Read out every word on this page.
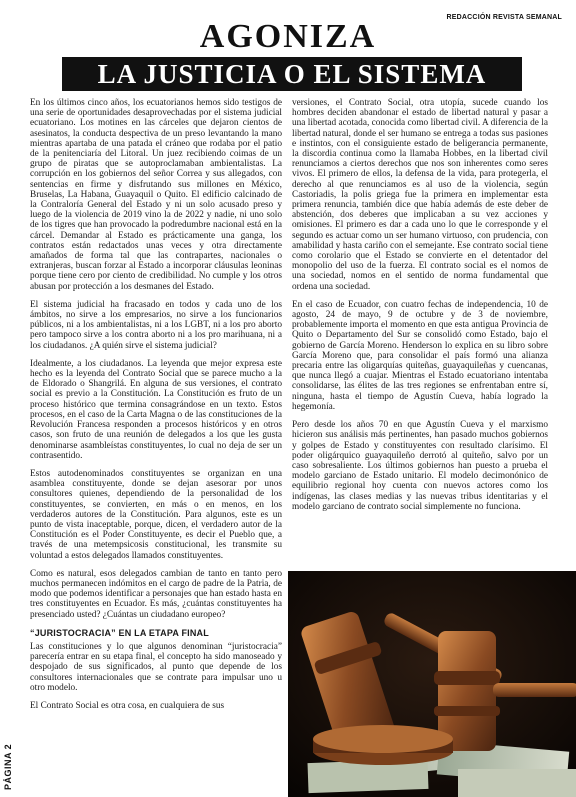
REDACCIÓN REVISTA SEMANAL
AGONIZA
LA JUSTICIA O EL SISTEMA

En los últimos cinco años, los ecuatorianos hemos sido testigos de una serie de oportunidades desaprovechadas por el sistema judicial ecuatoriano. Los motines en las cárceles que dejaron cientos de asesinatos, la conducta despectiva de un preso levantando la mano mientras apartaba de una patada el cráneo que rodaba por el patio de la penitenciaría del Litoral. Un juez recibiendo coimas de un grupo de piratas que se autoproclamaban ambientalistas. La corrupción en los gobiernos del señor Correa y sus allegados, con sentencias en firme y disfrutando sus millones en México, Bruselas, La Habana, Guayaquil o Quito. El edificio calcinado de la Contraloría General del Estado y ni un solo acusado preso y luego de la violencia de 2019 vino la de 2022 y nadie, ni uno solo de los tigres que han provocado la podredumbre nacional está en la cárcel. Demandar al Estado es prácticamente una ganga, los contratos están redactados unas veces y otra directamente amañados de forma tal que las contrapartes, nacionales o extranjeras, buscan forzar al Estado a incorporar cláusulas leoninas porque tiene cero por ciento de credibilidad. No cumple y los otros abusan por protección a los desmanes del Estado.

El sistema judicial ha fracasado en todos y cada uno de los ámbitos, no sirve a los empresarios, no sirve a los funcionarios públicos, ni a los ambientalistas, ni a los LGBT, ni a los pro aborto pero tampoco sirve a los contra aborto ni a los pro marihuana, ni a los ciudadanos. ¿A quién sirve el sistema judicial?

Idealmente, a los ciudadanos. La leyenda que mejor expresa este hecho es la leyenda del Contrato Social que se parece mucho a la de Eldorado o Shangrilá. En alguna de sus versiones, el contrato social es previo a la Constitución. La Constitución es fruto de un proceso histórico que termina consagrándose en un texto. Estos procesos, en el caso de la Carta Magna o de las constituciones de la Revolución Francesa responden a procesos históricos y en otros casos, son fruto de una reunión de delegados a los que les gusta denominarse asambleístas constituyentes, lo cual no deja de ser un contrasentido.

Estos autodenominados constituyentes se organizan en una asamblea constituyente, donde se dejan asesorar por unos consultores quienes, dependiendo de la personalidad de los constituyentes, se convierten, en más o en menos, en los verdaderos autores de la Constitución. Para algunos, este es un punto de vista inaceptable, porque, dicen, el verdadero autor de la Constitución es el Poder Constituyente, es decir el Pueblo que, a través de una metempsicosis constitucional, les transmite su voluntad a estos delegados llamados constituyentes.

Como es natural, esos delegados cambian de tanto en tanto pero muchos permanecen indómitos en el cargo de padre de la Patria, de modo que podemos identificar a personajes que han estado hasta en tres constituyentes en Ecuador. Es más, ¿cuántas constituyentes ha presenciado usted? ¿Cuántas un ciudadano europeo?

“JURISTOCRACIA” EN LA ETAPA FINAL

Las constituciones y lo que algunos denominan “juristocracia” parecería entrar en su etapa final, el concepto ha sido manoseado y despojado de sus significados, al punto que depende de los consultores internacionales que se contrate para impulsar uno u otro modelo.

El Contrato Social es otra cosa, en cualquiera de sus

versiones, el Contrato Social, otra utopía, sucede cuando los hombres deciden abandonar el estado de libertad natural y pasar a una libertad acotada, conocida como libertad civil. A diferencia de la libertad natural, donde el ser humano se entrega a todas sus pasiones e instintos, con el consiguiente estado de beligerancia permanente, la discordia continua como la llamaba Hobbes, en la libertad civil renunciamos a ciertos derechos que nos son inherentes como seres vivos. El primero de ellos, la defensa de la vida, para protegerla, el derecho al que renunciamos es al uso de la violencia, según Castoriadis, la polis griega fue la primera en implementar esta primera renuncia, también dice que había además de este deber de abstención, dos deberes que implicaban a su vez acciones y omisiones. El primero es dar a cada uno lo que le corresponde y el segundo es actuar como un ser humano virtuoso, con prudencia, con amabilidad y hasta cariño con el semejante. Ese contrato social tiene como corolario que el Estado se convierte en el detentador del monopolio del uso de la fuerza. El contrato social es el nomos de una sociedad, nomos en el sentido de norma fundamental que ordena una sociedad.

En el caso de Ecuador, con cuatro fechas de independencia, 10 de agosto, 24 de mayo, 9 de octubre y de 3 de noviembre, probablemente importa el momento en que esta antigua Provincia de Quito o Departamento del Sur se consolidó como Estado, bajo el gobierno de García Moreno. Henderson lo explica en su libro sobre García Moreno que, para consolidar el país formó una alianza precaria entre las oligarquías quiteñas, guayaquileñas y cuencanas, que nunca llegó a cuajar. Mientras el Estado ecuatoriano intentaba consolidarse, las élites de las tres regiones se enfrentaban entre sí, ninguna, hasta el tiempo de Agustín Cueva, había logrado la hegemonía.

Pero desde los años 70 en que Agustín Cueva y el marxismo hicieron sus análisis más pertinentes, han pasado muchos gobiernos y golpes de Estado y constituyentes con resultado clarísimo. El poder oligárquico guayaquileño derrotó al quiteño, salvo por un caso sobresaliente. Los últimos gobiernos han puesto a prueba el modelo garciano de Estado unitario. El modelo decimonónico de equilibrio regional hoy cuenta con nuevos actores como los indígenas, las clases medias y las nuevas tribus identitarias y el modelo garciano de contrato social simplemente no funciona.

PÁGINA 2
